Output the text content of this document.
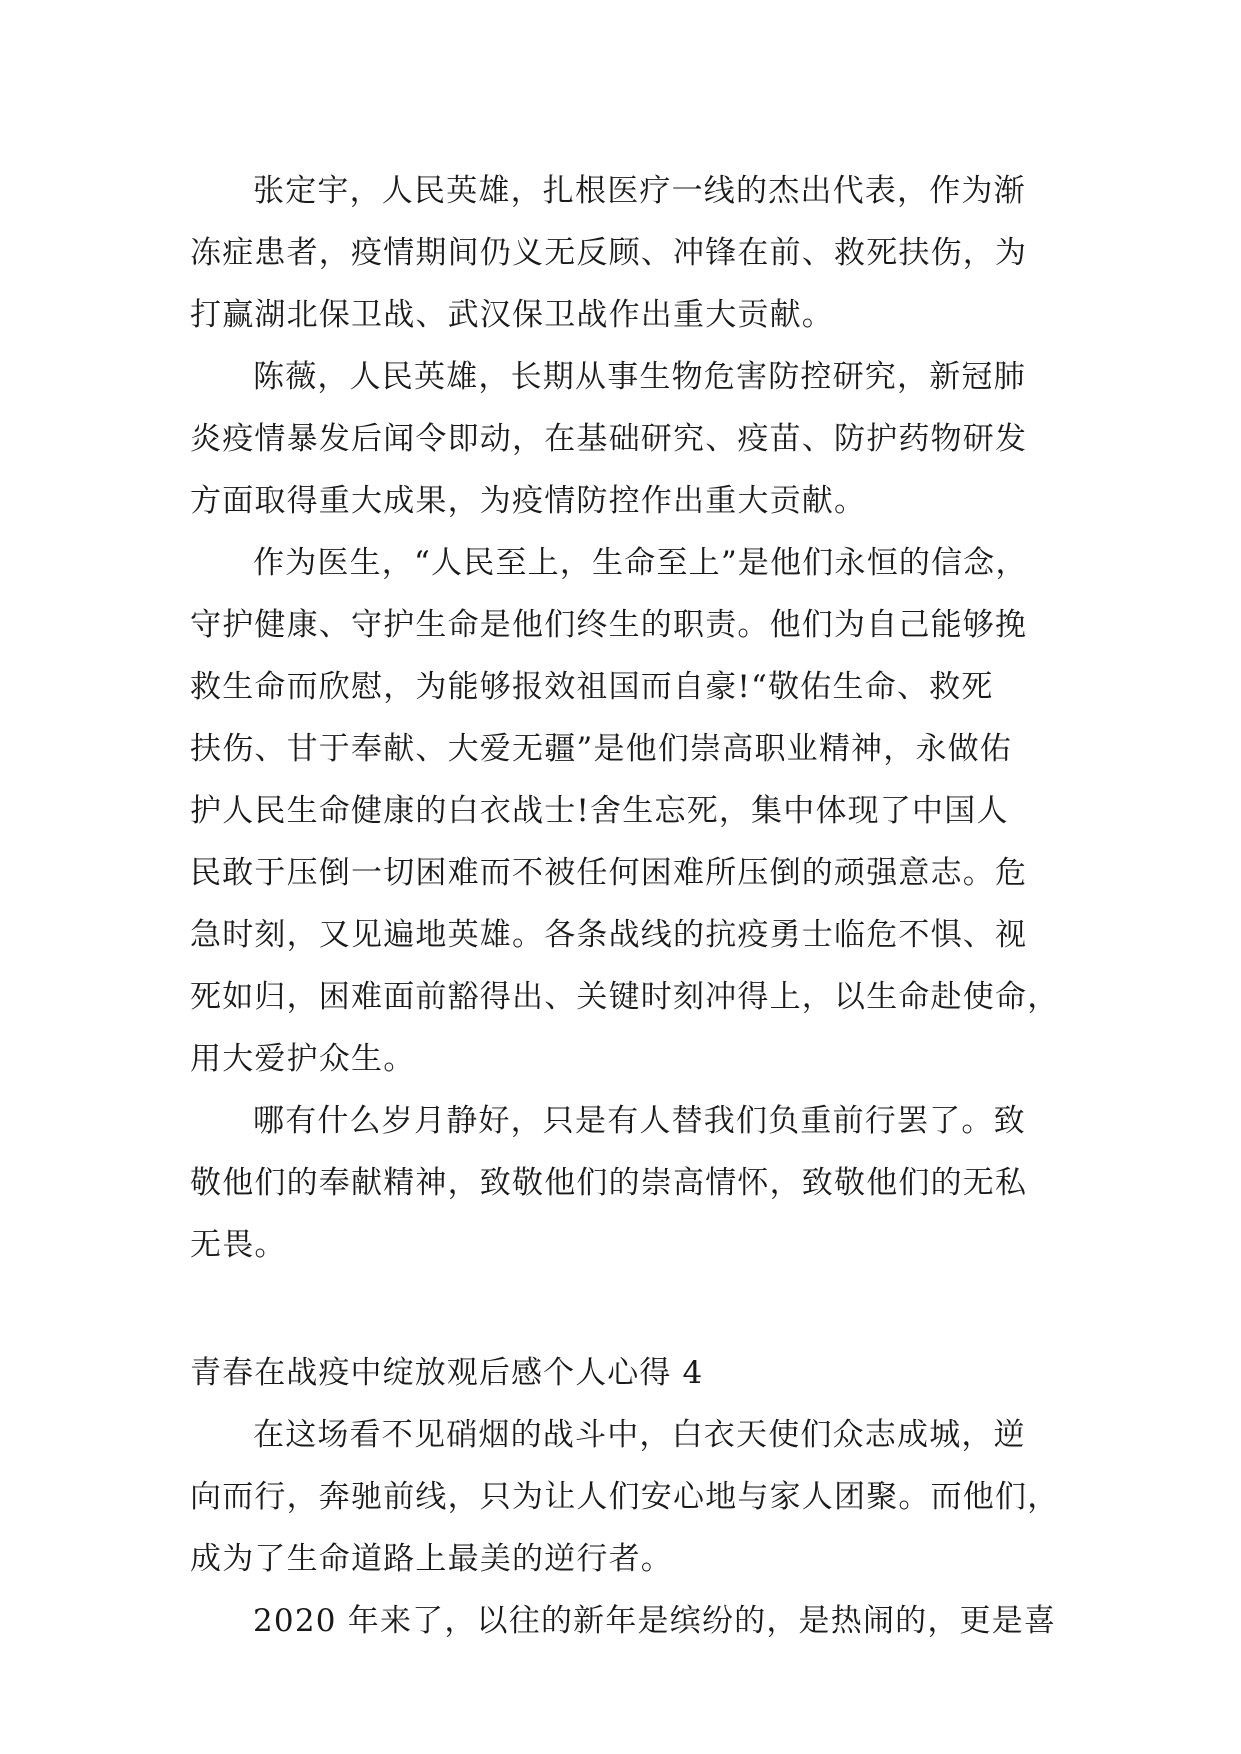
张定宇，人民英雄，扎根医疗一线的杰出代表，作为渐
冻症患者，疫情期间仍义无反顾、冲锋在前、救死扶伤，为
打赢湖北保卫战、武汉保卫战作出重大贡献。
陈薇，人民英雄，长期从事生物危害防控研究，新冠肺
炎疫情暴发后闻令即动，在基础研究、疫苗、防护药物研发
方面取得重大成果，为疫情防控作出重大贡献。
作为医生，“人民至上，生命至上”是他们永恒的信念，
守护健康、守护生命是他们终生的职责。他们为自己能够挽
救生命而欣慰，为能够报效祖国而自豪!“敬佑生命、救死
扶伤、甘于奉献、大爱无疆”是他们崇高职业精神，永做佑
护人民生命健康的白衣战士!舍生忘死，集中体现了中国人
民敢于压倒一切困难而不被任何困难所压倒的顽强意志。危
急时刻，又见遍地英雄。各条战线的抗疫勇士临危不惧、视
死如归，困难面前豁得出、关键时刻冲得上，以生命赴使命，
用大爱护众生。
哪有什么岁月静好，只是有人替我们负重前行罢了。致
敬他们的奉献精神，致敬他们的崇高情怀，致敬他们的无私
无畏。
青春在战疫中绽放观后感个人心得 4
在这场看不见硝烟的战斗中，白衣天使们众志成城，逆
向而行，奔驰前线，只为让人们安心地与家人团聚。而他们，
成为了生命道路上最美的逆行者。
2020 年来了，以往的新年是缤纷的，是热闹的，更是喜
